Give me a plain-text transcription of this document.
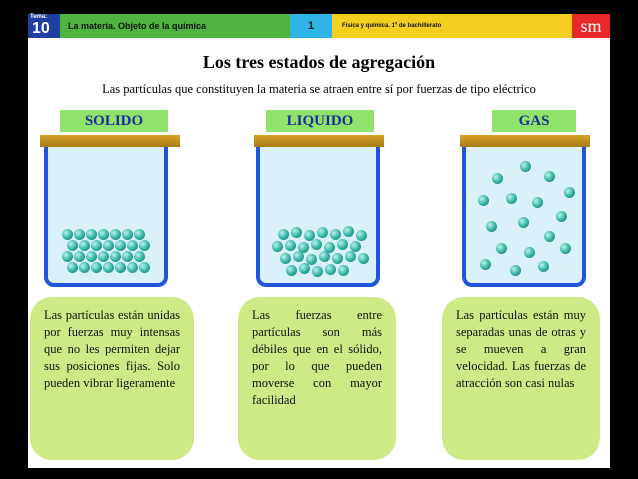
Tema:
10	La materia. Objeto de la química	1	Física y química. 1º de bachillerato	sm
Los tres estados de agregación
Las partículas que constituyen la materia se atraen entre sí por fuerzas de tipo eléctrico
SOLIDO
Las partículas están unidas por fuerzas muy intensas que no les permiten dejar sus posiciones fijas. Solo pueden vibrar ligeramente
LIQUIDO
Las fuerzas entre partículas son más débiles que en el sólido, por lo que pueden moverse con mayor facilidad
GAS
Las partículas están muy separadas unas de otras y se mueven a gran velocidad. Las fuerzas de atracción son casi nulas
